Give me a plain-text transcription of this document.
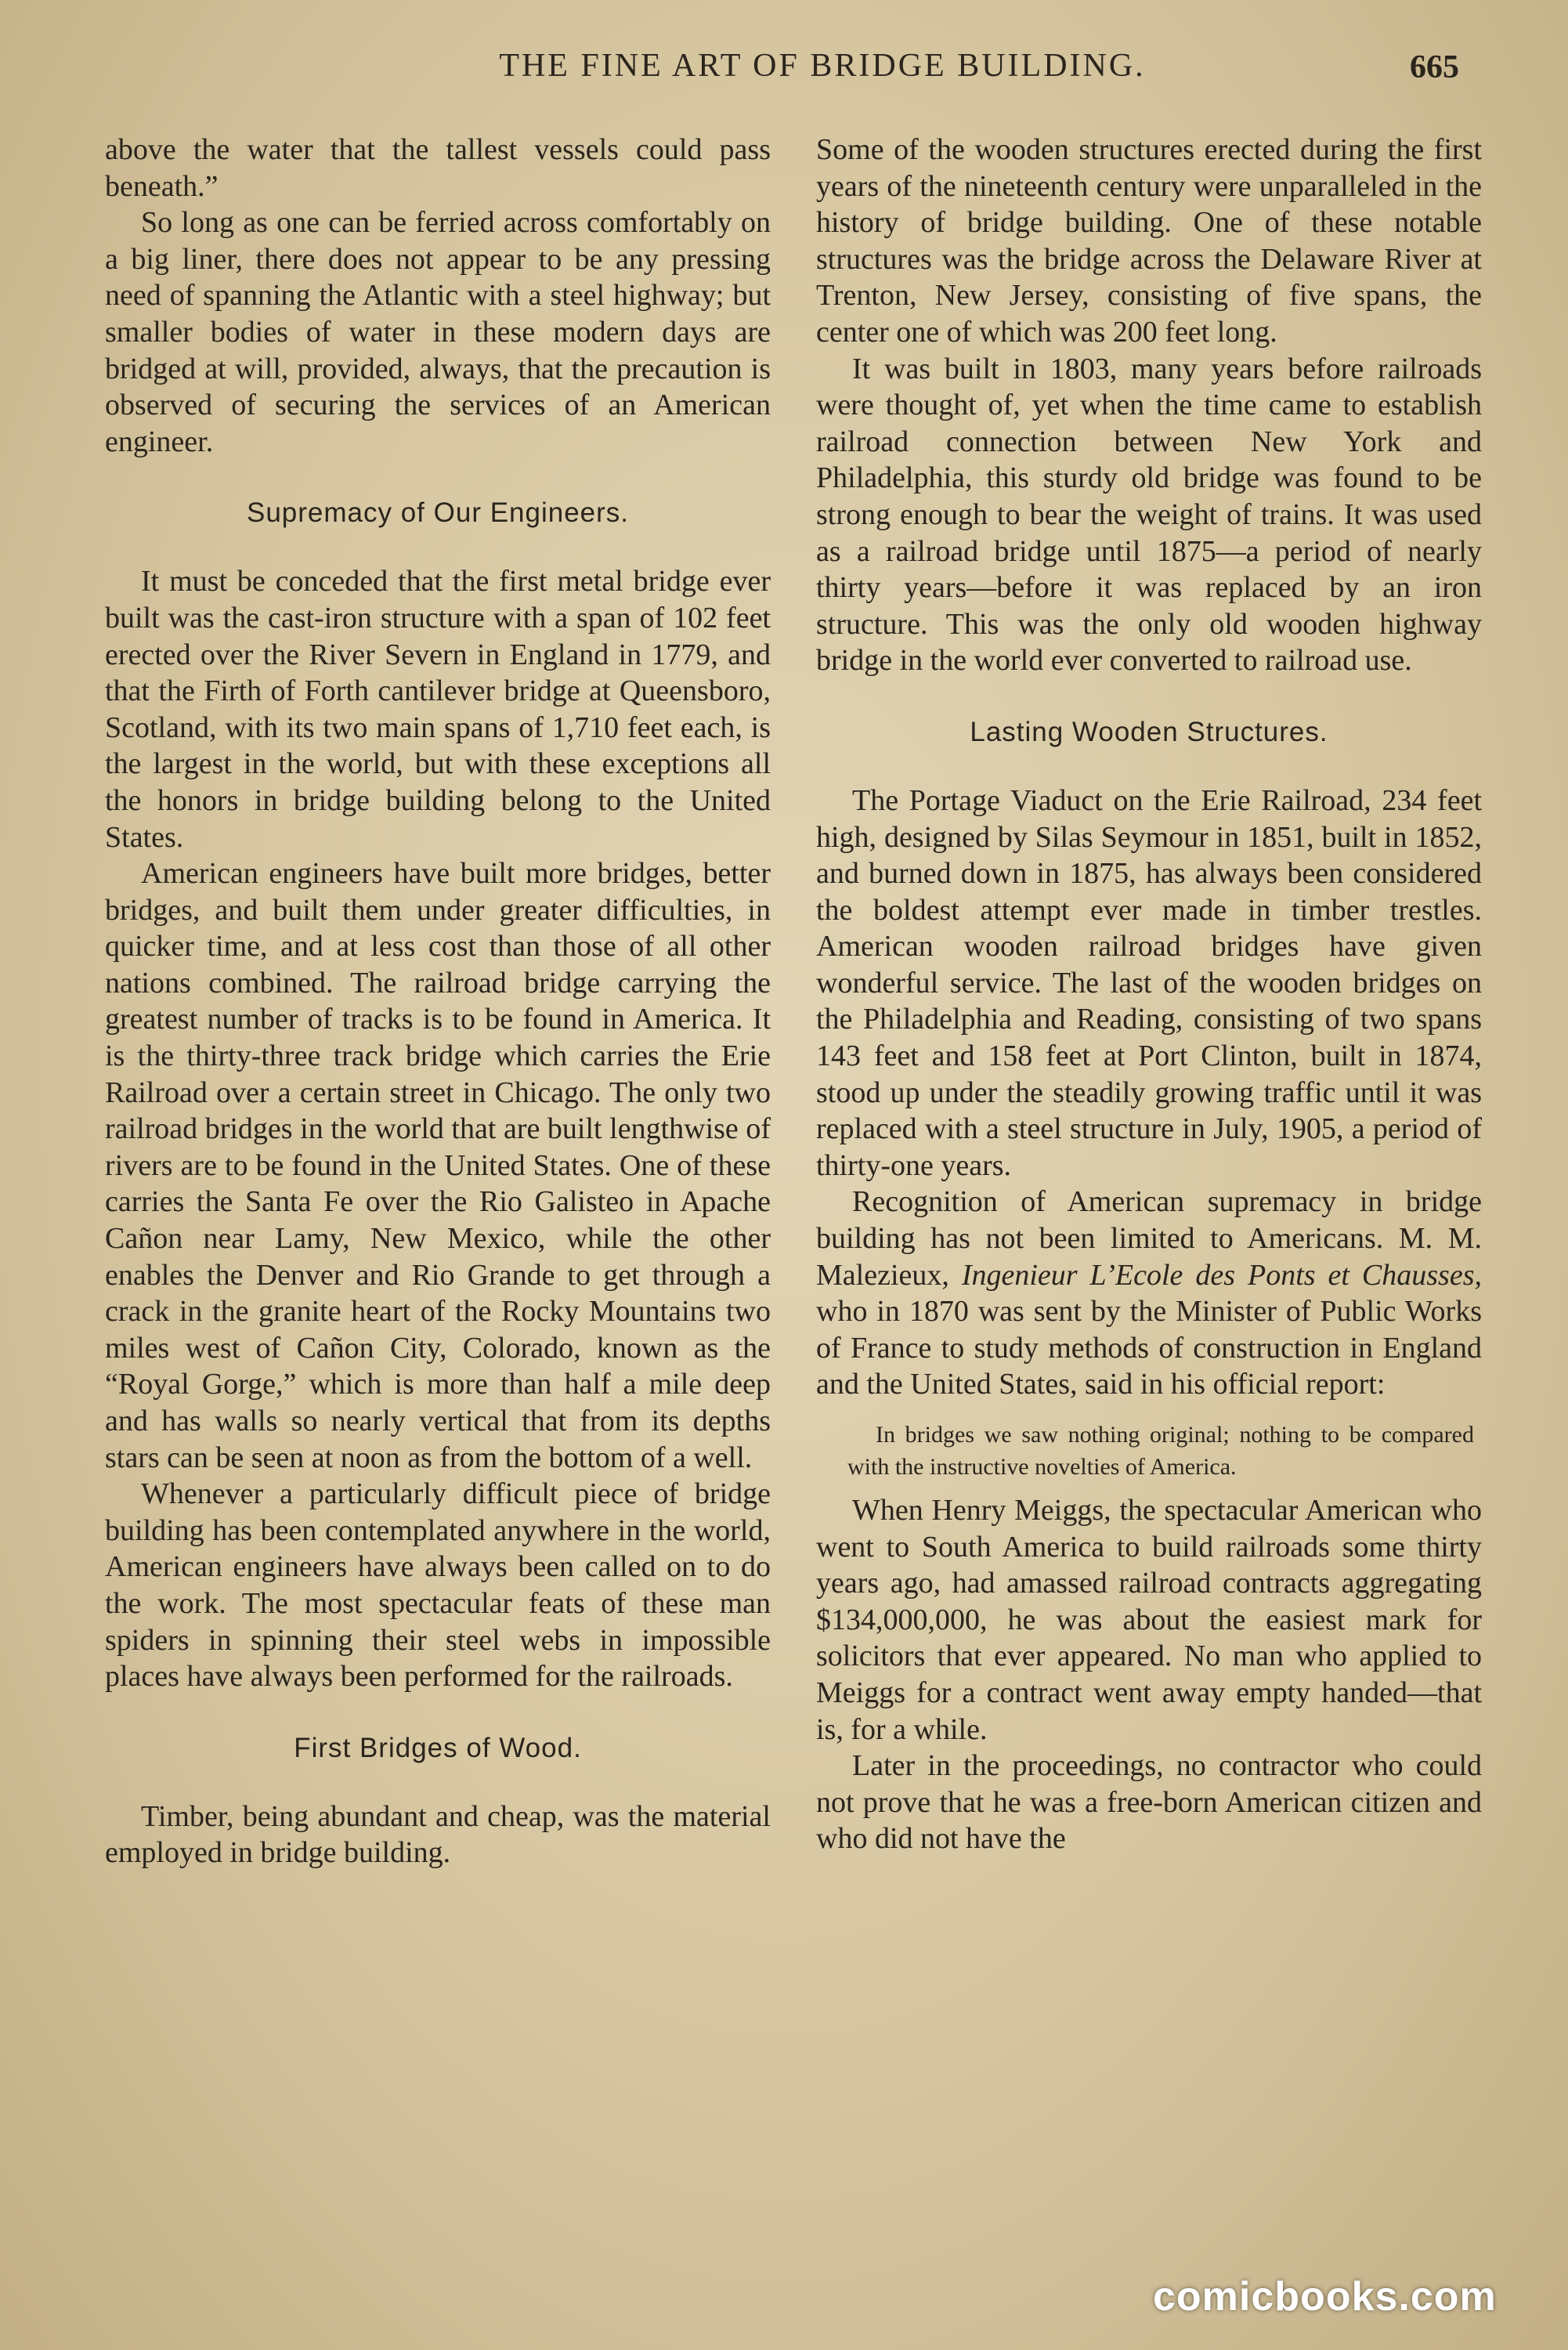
THE FINE ART OF BRIDGE BUILDING.	665

above the water that the tallest vessels could pass beneath.”

So long as one can be ferried across comfortably on a big liner, there does not appear to be any pressing need of spanning the Atlantic with a steel highway; but smaller bodies of water in these modern days are bridged at will, provided, always, that the precaution is observed of securing the services of an American engineer.

Supremacy of Our Engineers.

It must be conceded that the first metal bridge ever built was the cast-iron structure with a span of 102 feet erected over the River Severn in England in 1779, and that the Firth of Forth cantilever bridge at Queensboro, Scotland, with its two main spans of 1,710 feet each, is the largest in the world, but with these exceptions all the honors in bridge building belong to the United States.

American engineers have built more bridges, better bridges, and built them under greater difficulties, in quicker time, and at less cost than those of all other nations combined. The railroad bridge carrying the greatest number of tracks is to be found in America. It is the thirty-three track bridge which carries the Erie Railroad over a certain street in Chicago. The only two railroad bridges in the world that are built lengthwise of rivers are to be found in the United States. One of these carries the Santa Fe over the Rio Galisteo in Apache Cañon near Lamy, New Mexico, while the other enables the Denver and Rio Grande to get through a crack in the granite heart of the Rocky Mountains two miles west of Cañon City, Colorado, known as the “Royal Gorge,” which is more than half a mile deep and has walls so nearly vertical that from its depths stars can be seen at noon as from the bottom of a well.

Whenever a particularly difficult piece of bridge building has been contemplated anywhere in the world, American engineers have always been called on to do the work. The most spectacular feats of these man spiders in spinning their steel webs in impossible places have always been performed for the railroads.

First Bridges of Wood.

Timber, being abundant and cheap, was the material employed in bridge building.

Some of the wooden structures erected during the first years of the nineteenth century were unparalleled in the history of bridge building. One of these notable structures was the bridge across the Delaware River at Trenton, New Jersey, consisting of five spans, the center one of which was 200 feet long.

It was built in 1803, many years before railroads were thought of, yet when the time came to establish railroad connection between New York and Philadelphia, this sturdy old bridge was found to be strong enough to bear the weight of trains. It was used as a railroad bridge until 1875—a period of nearly thirty years—before it was replaced by an iron structure. This was the only old wooden highway bridge in the world ever converted to railroad use.

Lasting Wooden Structures.

The Portage Viaduct on the Erie Railroad, 234 feet high, designed by Silas Seymour in 1851, built in 1852, and burned down in 1875, has always been considered the boldest attempt ever made in timber trestles. American wooden railroad bridges have given wonderful service. The last of the wooden bridges on the Philadelphia and Reading, consisting of two spans 143 feet and 158 feet at Port Clinton, built in 1874, stood up under the steadily growing traffic until it was replaced with a steel structure in July, 1905, a period of thirty-one years.

Recognition of American supremacy in bridge building has not been limited to Americans. M. M. Malezieux, Ingenieur L’Ecole des Ponts et Chausses, who in 1870 was sent by the Minister of Public Works of France to study methods of construction in England and the United States, said in his official report:

In bridges we saw nothing original; nothing to be compared with the instructive novelties of America.

When Henry Meiggs, the spectacular American who went to South America to build railroads some thirty years ago, had amassed railroad contracts aggregating $134,000,000, he was about the easiest mark for solicitors that ever appeared. No man who applied to Meiggs for a contract went away empty handed—that is, for a while.

Later in the proceedings, no contractor who could not prove that he was a free-born American citizen and who did not have the

comicbooks.com
